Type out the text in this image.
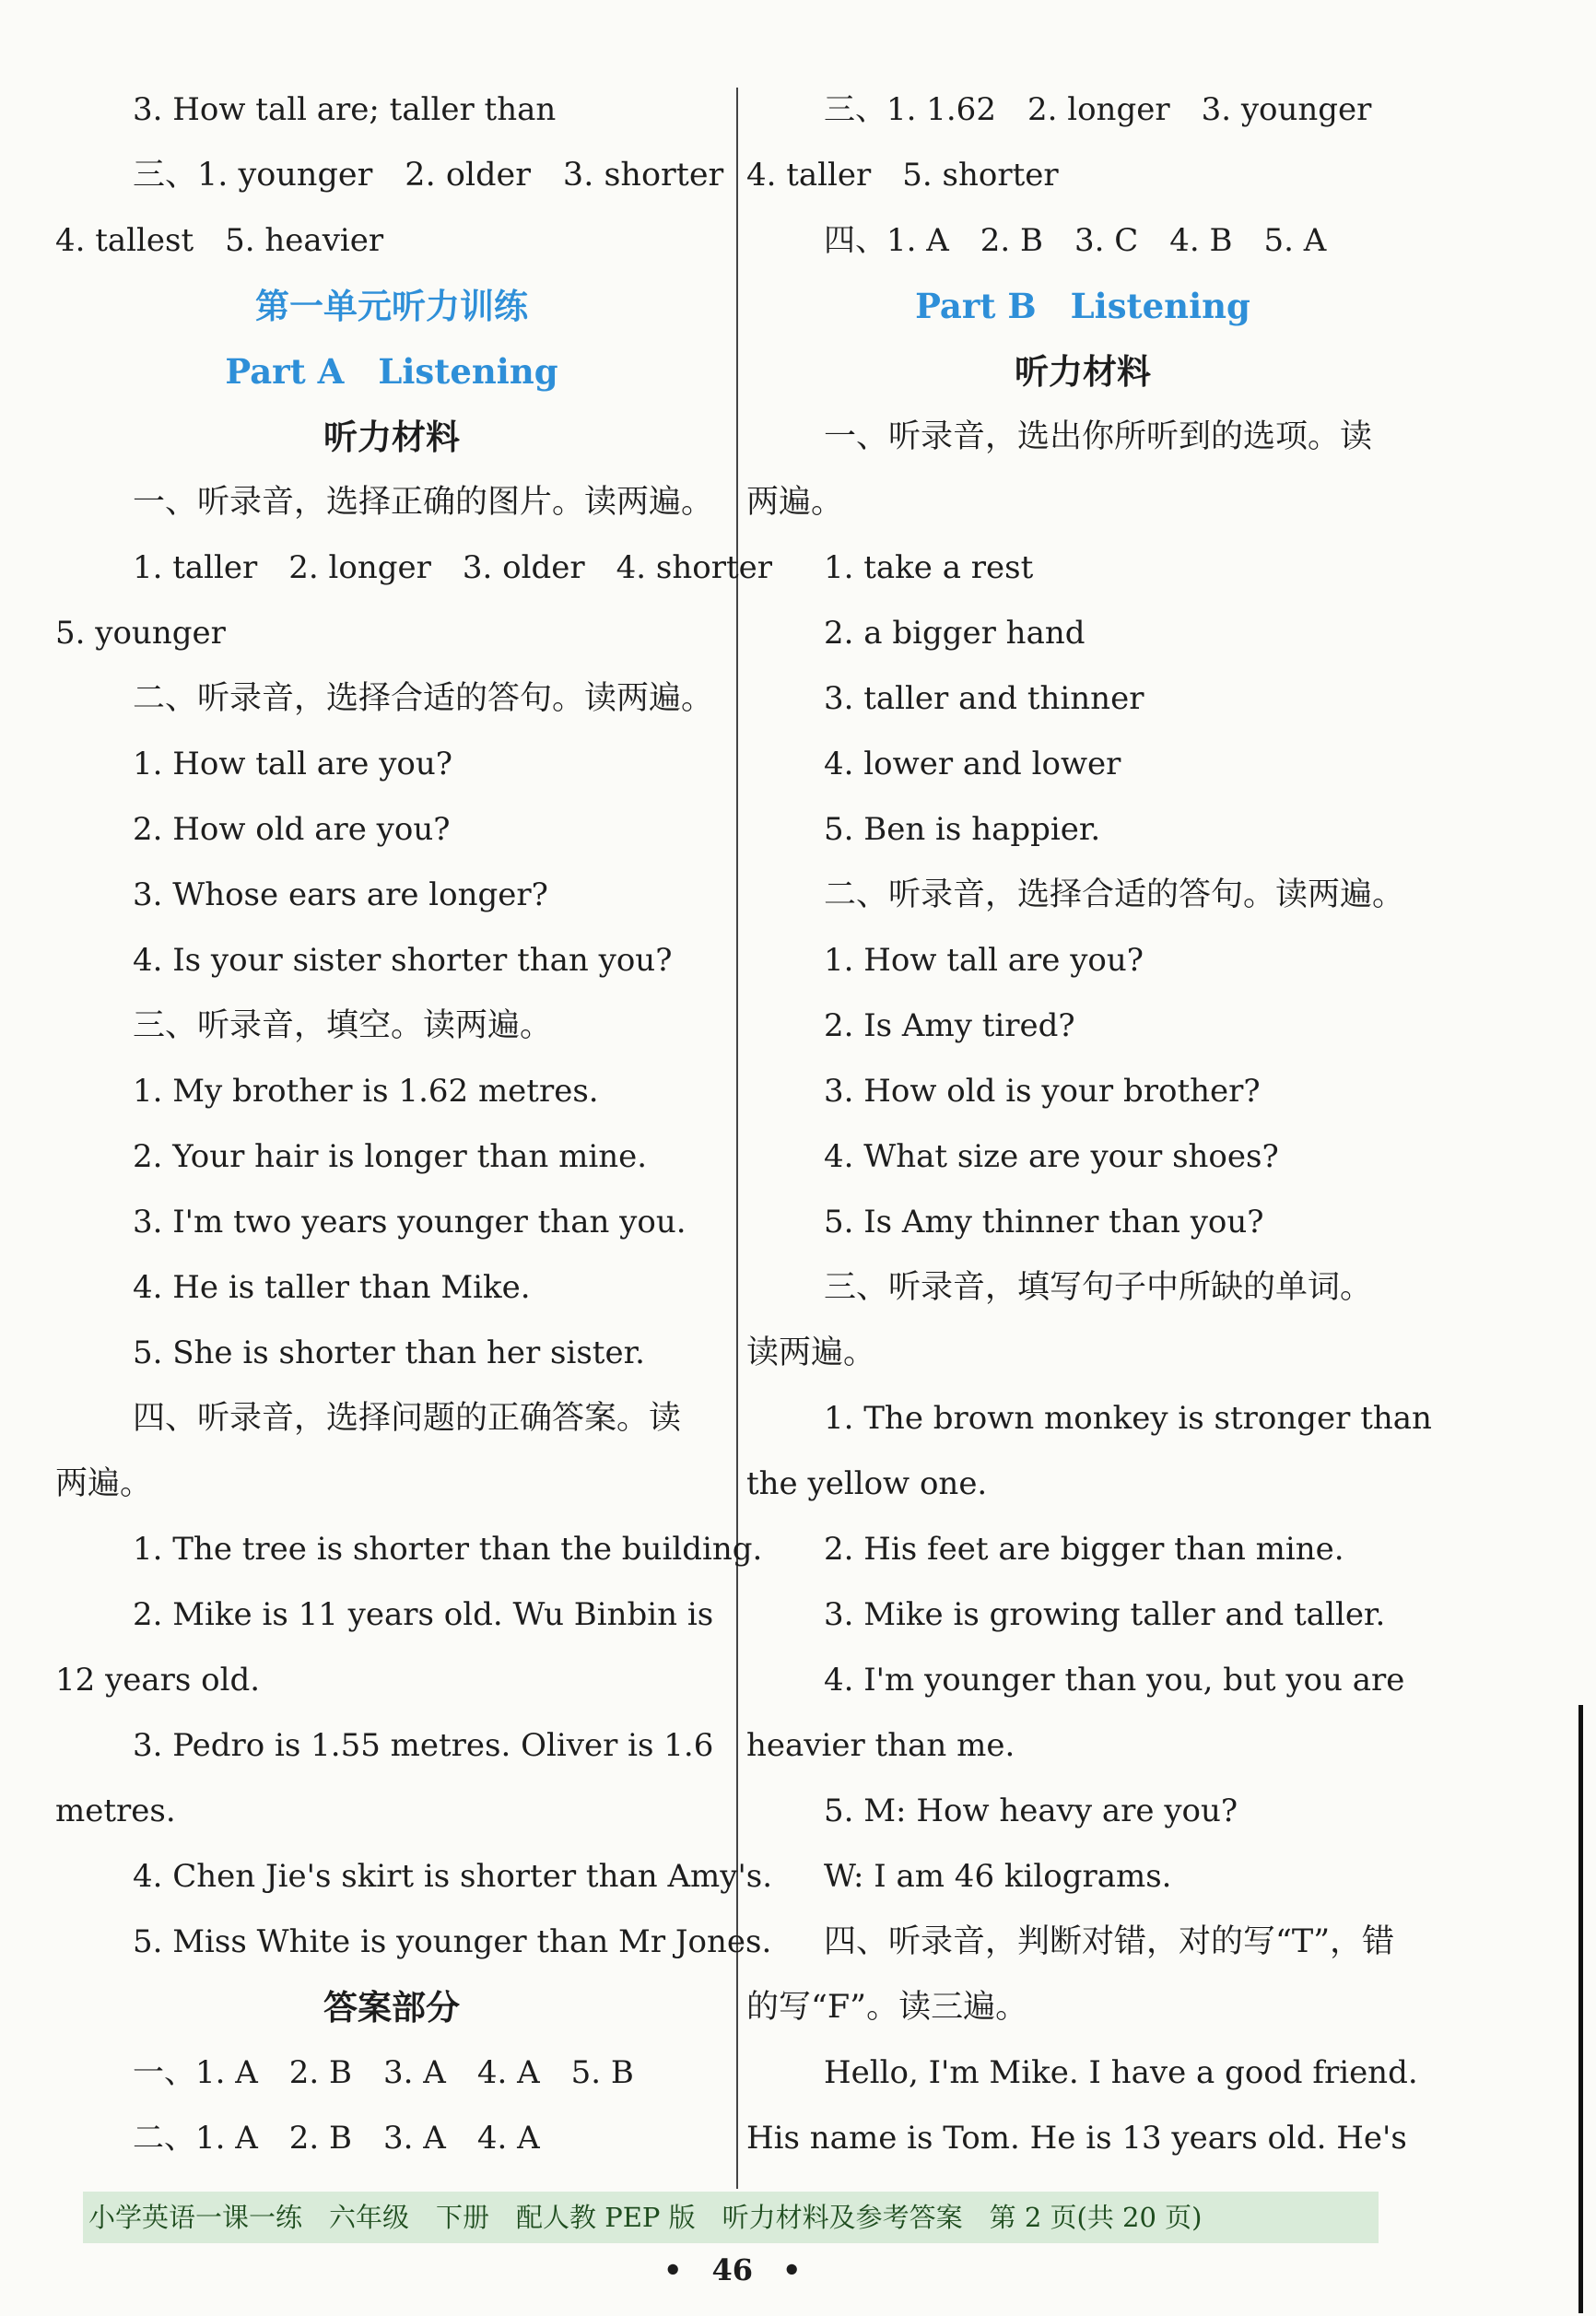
3. How tall are; taller than
三、1. younger　2. older　3. shorter
4. tallest　5. heavier
第一单元听力训练
Part A　Listening
听力材料
一、听录音，选择正确的图片。读两遍。
1. taller　2. longer　3. older　4. shorter
5. younger
二、听录音，选择合适的答句。读两遍。
1. How tall are you?
2. How old are you?
3. Whose ears are longer?
4. Is your sister shorter than you?
三、听录音，填空。读两遍。
1. My brother is 1.62 metres.
2. Your hair is longer than mine.
3. I'm two years younger than you.
4. He is taller than Mike.
5. She is shorter than her sister.
四、听录音，选择问题的正确答案。读
两遍。
1. The tree is shorter than the building.
2. Mike is 11 years old. Wu Binbin is
12 years old.
3. Pedro is 1.55 metres. Oliver is 1.6
metres.
4. Chen Jie's skirt is shorter than Amy's.
5. Miss White is younger than Mr Jones.
答案部分
一、1. A　2. B　3. A　4. A　5. B
二、1. A　2. B　3. A　4. A
三、1. 1.62　2. longer　3. younger
4. taller　5. shorter
四、1. A　2. B　3. C　4. B　5. A
Part B　Listening
听力材料
一、听录音，选出你所听到的选项。读
两遍。
1. take a rest
2. a bigger hand
3. taller and thinner
4. lower and lower
5. Ben is happier.
二、听录音，选择合适的答句。读两遍。
1. How tall are you?
2. Is Amy tired?
3. How old is your brother?
4. What size are your shoes?
5. Is Amy thinner than you?
三、听录音，填写句子中所缺的单词。
读两遍。
1. The brown monkey is stronger than
the yellow one.
2. His feet are bigger than mine.
3. Mike is growing taller and taller.
4. I'm younger than you, but you are
heavier than me.
5. M: How heavy are you?
W: I am 46 kilograms.
四、听录音，判断对错，对的写“T”，错
的写“F”。读三遍。
Hello, I'm Mike. I have a good friend.
His name is Tom. He is 13 years old. He's
小学英语一课一练　六年级　下册　配人教 PEP 版　听力材料及参考答案　第 2 页(共 20 页)
•　46　•
